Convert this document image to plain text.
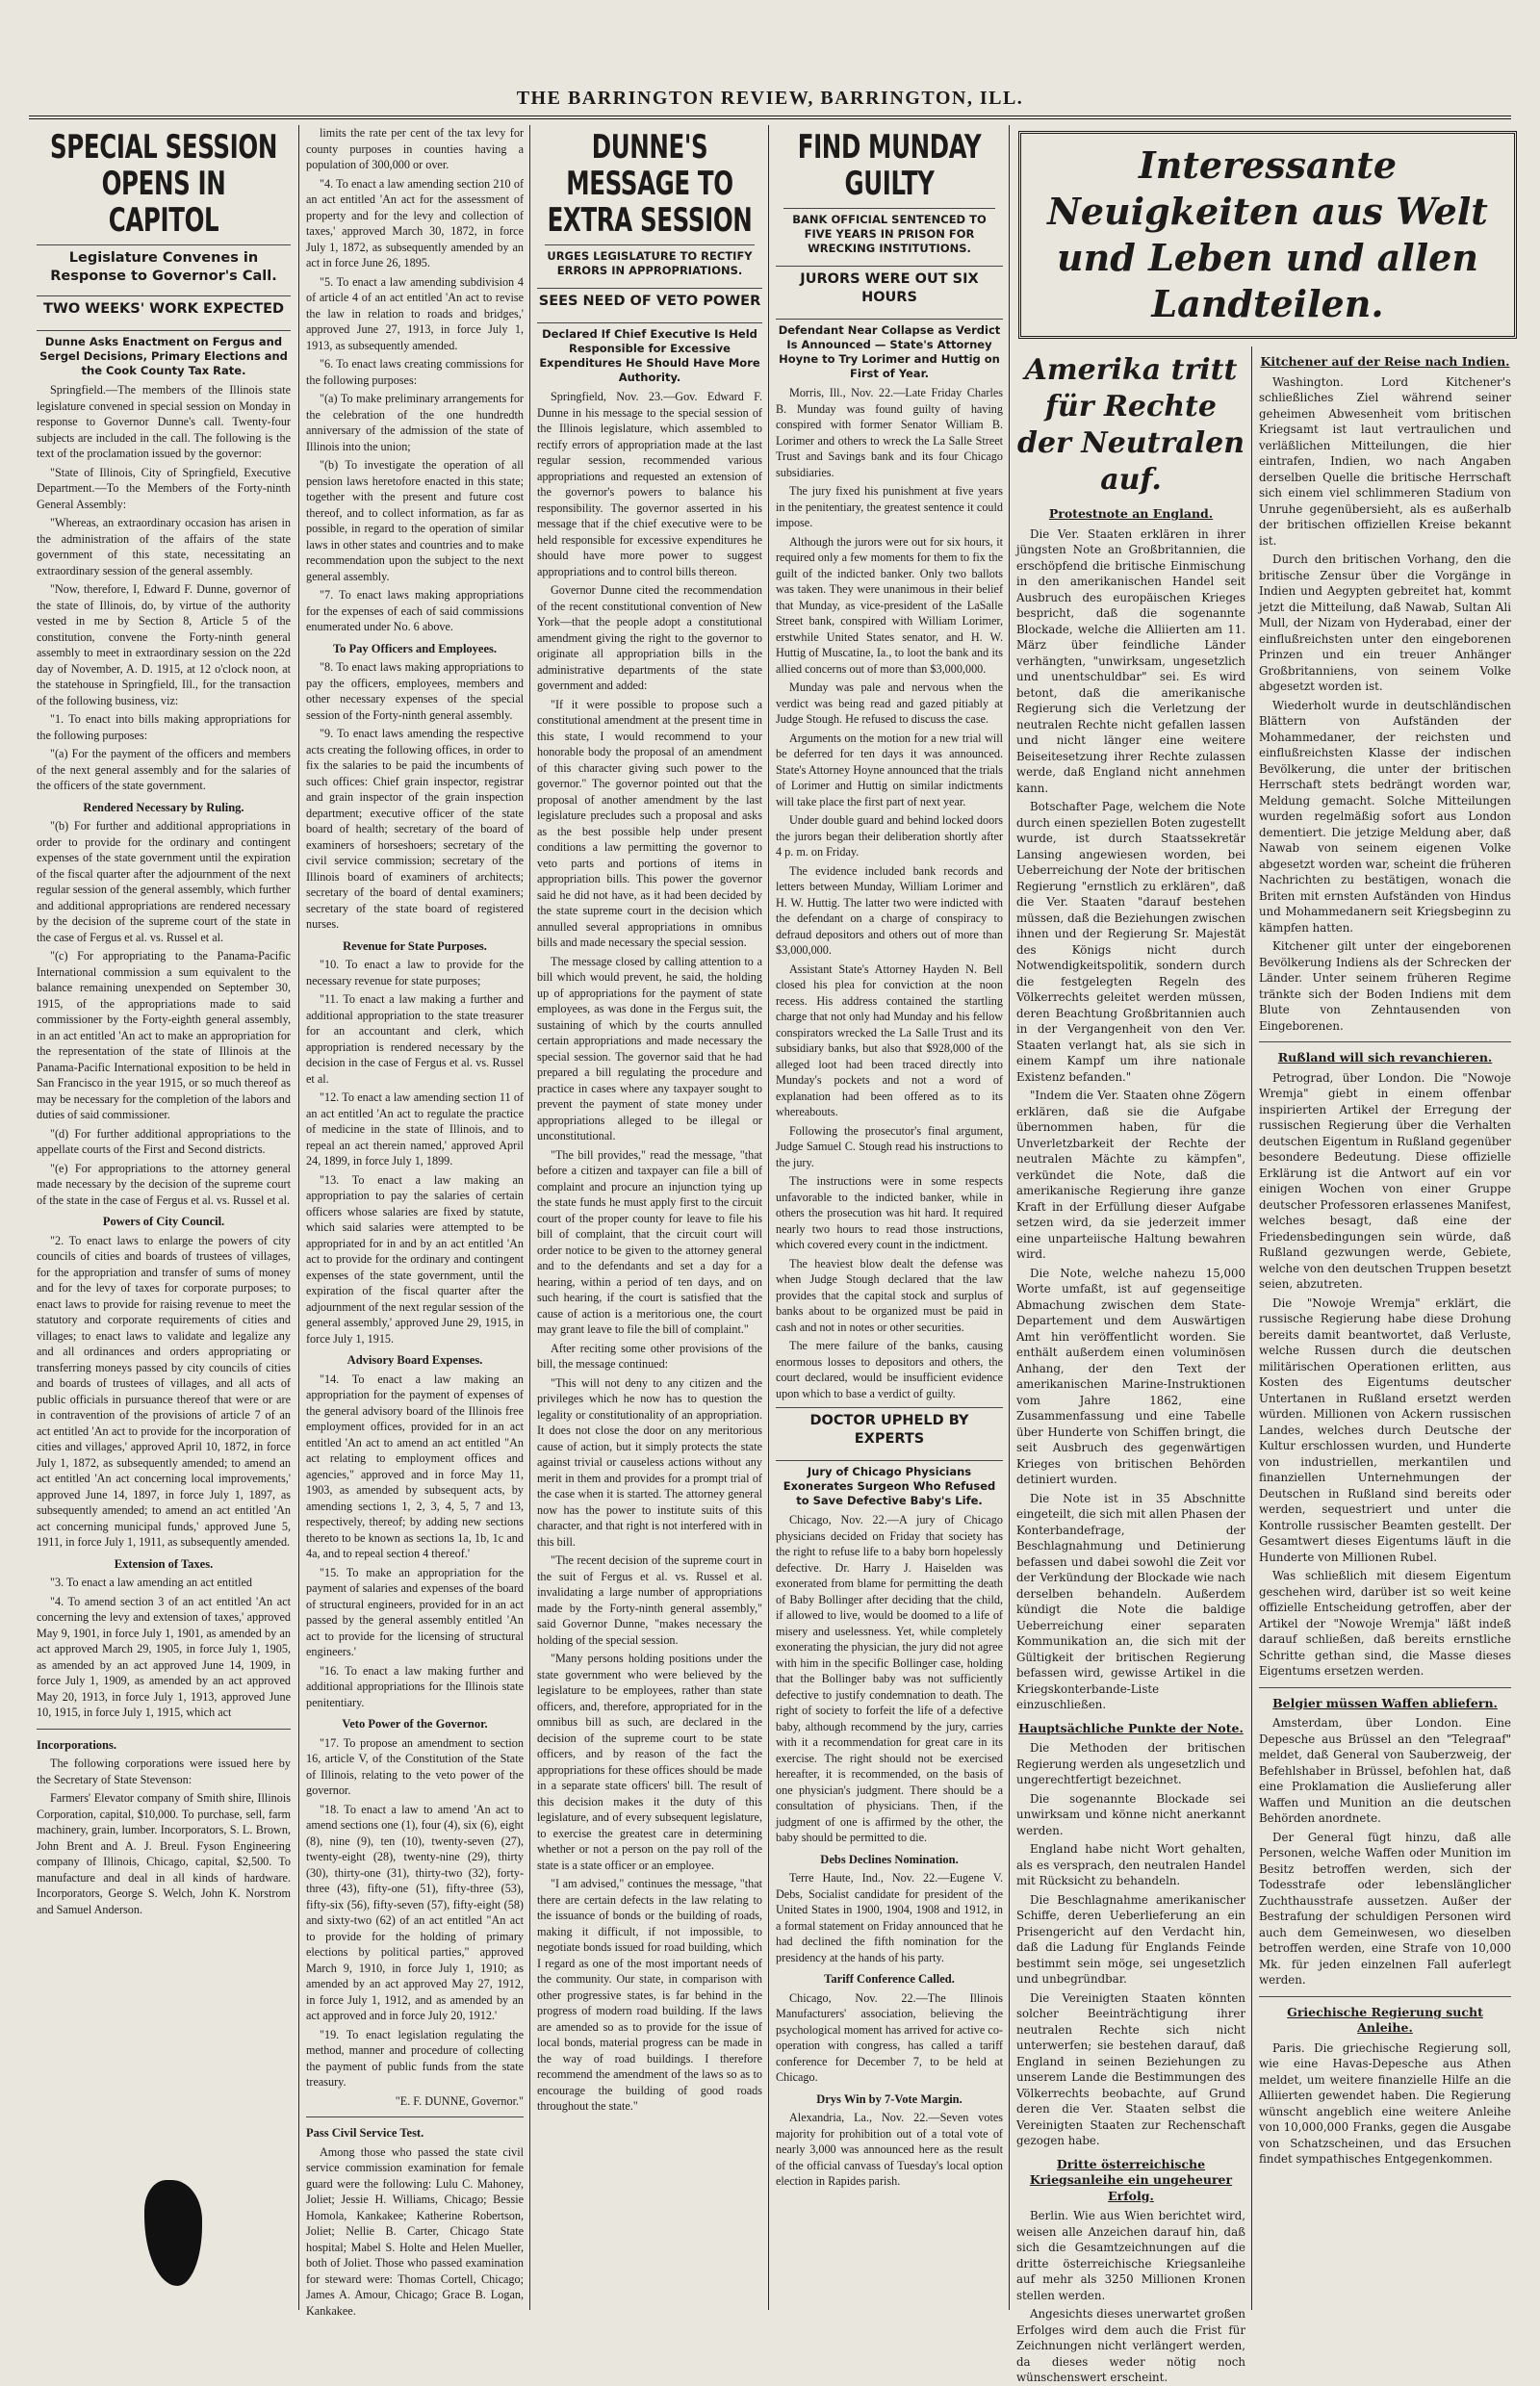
THE BARRINGTON REVIEW, BARRINGTON, ILL.
SPECIAL SESSION OPENS IN CAPITOL
Legislature Convenes in Response to Governor's Call.
TWO WEEKS' WORK EXPECTED
Dunne Asks Enactment on Fergus and Sergel Decisions, Primary Elections and the Cook County Tax Rate.

Springfield.—The members of the Illinois state legislature convened in special session on Monday in response to Governor Dunne's call. Twenty-four subjects are included in the call. The following is the text of the proclamation issued by the governor:

"State of Illinois, City of Springfield, Executive Department.—To the Members of the Forty-ninth General Assembly:

"Whereas, an extraordinary occasion has arisen in the administration of the affairs of the state government of this state, necessitating an extraordinary session of the general assembly.

"Now, therefore, I, Edward F. Dunne, governor of the state of Illinois, do, by virtue of the authority vested in me by Section 8, Article 5 of the constitution, convene the Forty-ninth general assembly to meet in extraordinary session on the 22d day of November, A. D. 1915, at 12 o'clock noon, at the statehouse in Springfield, Ill., for the transaction of the following business, viz:

"1. To enact into bills making appropriations for the following purposes:

"(a) For the payment of the officers and members of the next general assembly and for the salaries of the officers of the state government.

Rendered Necessary by Ruling.

"(b) For further and additional appropriations in order to provide for the ordinary and contingent expenses of the state government until the expiration of the fiscal quarter after the adjournment of the next regular session of the general assembly, which further and additional appropriations are rendered necessary by the decision of the supreme court of the state in the case of Fergus et al. vs. Russel et al.

"(c) For appropriating to the Panama-Pacific International commission a sum equivalent to the balance remaining unexpended on September 30, 1915, of the appropriations made to said commissioner by the Forty-eighth general assembly, in an act entitled 'An act to make an appropriation for the representation of the state of Illinois at the Panama-Pacific International exposition to be held in San Francisco in the year 1915, or so much thereof as may be necessary for the completion of the labors and duties of said commissioner.

"(d) For further additional appropriations to the appellate courts of the First and Second districts.

"(e) For appropriations to the attorney general made necessary by the decision of the supreme court of the state in the case of Fergus et al. vs. Russel et al.

Powers of City Council.

"2. To enact laws to enlarge the powers of city councils of cities and boards of trustees of villages, for the appropriation and transfer of sums of money and for the levy of taxes for corporate purposes; to enact laws to provide for raising revenue to meet the statutory and corporate requirements of cities and villages; to enact laws to validate and legalize any and all ordinances and orders appropriating or transferring moneys passed by city councils of cities and boards of trustees of villages, and all acts of public officials in pursuance thereof that were or are in contravention of the provisions of article 7 of an act entitled 'An act to provide for the incorporation of cities and villages,' approved April 10, 1872, in force July 1, 1872, as subsequently amended; to amend an act entitled 'An act concerning local improvements,' approved June 14, 1897, in force July 1, 1897, as subsequently amended; to amend an act entitled 'An act concerning municipal funds,' approved June 5, 1911, in force July 1, 1911, as subsequently amended.

Extension of Taxes.

"3. To enact a law amending an act entitled

"4. To amend section 3 of an act entitled 'An act concerning the levy and extension of taxes,' approved May 9, 1901, in force July 1, 1901, as amended by an act approved March 29, 1905, in force July 1, 1905, as amended by an act approved June 14, 1909, in force July 1, 1909, as amended by an act approved May 20, 1913, in force July 1, 1913, approved June 10, 1915, in force July 1, 1915, which act

Incorporations.

The following corporations were issued here by the Secretary of State Stevenson:

Farmers' Elevator company of Smith shire, Illinois Corporation, capital, $10,000. To purchase, sell, farm machinery, grain, lumber. Incorporators, S. L. Brown, John Brent and A. J. Breul. Fyson Engineering company of Illinois, Chicago, capital, $2,500. To manufacture and deal in all kinds of hardware. Incorporators, George S. Welch, John K. Norstrom and Samuel Anderson.

limits the rate per cent of the tax levy for county purposes in counties having a population of 300,000 or over.

"4. To enact a law amending section 210 of an act entitled 'An act for the assessment of property and for the levy and collection of taxes,' approved March 30, 1872, in force July 1, 1872, as subsequently amended by an act in force June 26, 1895.

"5. To enact a law amending subdivision 4 of article 4 of an act entitled 'An act to revise the law in relation to roads and bridges,' approved June 27, 1913, in force July 1, 1913, as subsequently amended.

"6. To enact laws creating commissions for the following purposes:

"(a) To make preliminary arrangements for the celebration of the one hundredth anniversary of the admission of the state of Illinois into the union;

"(b) To investigate the operation of all pension laws heretofore enacted in this state; together with the present and future cost thereof, and to collect information, as far as possible, in regard to the operation of similar laws in other states and countries and to make recommendation upon the subject to the next general assembly.

"7. To enact laws making appropriations for the expenses of each of said commissions enumerated under No. 6 above.

To Pay Officers and Employees.

"8. To enact laws making appropriations to pay the officers, employees, members and other necessary expenses of the special session of the Forty-ninth general assembly.

"9. To enact laws amending the respective acts creating the following offices, in order to fix the salaries to be paid the incumbents of such offices: Chief grain inspector, registrar and grain inspector of the grain inspection department; executive officer of the state board of health; secretary of the board of examiners of horseshoers; secretary of the civil service commission; secretary of the Illinois board of examiners of architects; secretary of the board of dental examiners; secretary of the state board of registered nurses.

Revenue for State Purposes.

"10. To enact a law to provide for the necessary revenue for state purposes;

"11. To enact a law making a further and additional appropriation to the state treasurer for an accountant and clerk, which appropriation is rendered necessary by the decision in the case of Fergus et al. vs. Russel et al.

"12. To enact a law amending section 11 of an act entitled 'An act to regulate the practice of medicine in the state of Illinois, and to repeal an act therein named,' approved April 24, 1899, in force July 1, 1899.

"13. To enact a law making an appropriation to pay the salaries of certain officers whose salaries are fixed by statute, which said salaries were attempted to be appropriated for in and by an act entitled 'An act to provide for the ordinary and contingent expenses of the state government, until the expiration of the fiscal quarter after the adjournment of the next regular session of the general assembly,' approved June 29, 1915, in force July 1, 1915.

Advisory Board Expenses.

"14. To enact a law making an appropriation for the payment of expenses of the general advisory board of the Illinois free employment offices, provided for in an act entitled 'An act to amend an act entitled "An act relating to employment offices and agencies," approved and in force May 11, 1903, as amended by subsequent acts, by amending sections 1, 2, 3, 4, 5, 7 and 13, respectively, thereof; by adding new sections thereto to be known as sections 1a, 1b, 1c and 4a, and to repeal section 4 thereof.'

"15. To make an appropriation for the payment of salaries and expenses of the board of structural engineers, provided for in an act passed by the general assembly entitled 'An act to provide for the licensing of structural engineers.'

"16. To enact a law making further and additional appropriations for the Illinois state penitentiary.

Veto Power of the Governor.

"17. To propose an amendment to section 16, article V, of the Constitution of the State of Illinois, relating to the veto power of the governor.

"18. To enact a law to amend 'An act to amend sections one (1), four (4), six (6), eight (8), nine (9), ten (10), twenty-seven (27), twenty-eight (28), twenty-nine (29), thirty (30), thirty-one (31), thirty-two (32), forty-three (43), fifty-one (51), fifty-three (53), fifty-six (56), fifty-seven (57), fifty-eight (58) and sixty-two (62) of an act entitled "An act to provide for the holding of primary elections by political parties," approved March 9, 1910, in force July 1, 1910; as amended by an act approved May 27, 1912, in force July 1, 1912, and as amended by an act approved and in force July 20, 1912.'

"19. To enact legislation regulating the method, manner and procedure of collecting the payment of public funds from the state treasury.

"E. F. DUNNE, Governor."

Pass Civil Service Test.

Among those who passed the state civil service commission examination for female guard were the following: Lulu C. Mahoney, Joliet; Jessie H. Williams, Chicago; Bessie Homola, Kankakee; Katherine Robertson, Joliet; Nellie B. Carter, Chicago State hospital; Mabel S. Holte and Helen Mueller, both of Joliet. Those who passed examination for steward were: Thomas Cortell, Chicago; James A. Amour, Chicago; Grace B. Logan, Kankakee.

DUNNE'S MESSAGE TO EXTRA SESSION
URGES LEGISLATURE TO RECTIFY ERRORS IN APPROPRIATIONS.
SEES NEED OF VETO POWER
Declared If Chief Executive Is Held Responsible for Excessive Expenditures He Should Have More Authority.

Springfield, Nov. 23.—Gov. Edward F. Dunne in his message to the special session of the Illinois legislature, which assembled to rectify errors of appropriation made at the last regular session, recommended various appropriations and requested an extension of the governor's powers to balance his responsibility. The governor asserted in his message that if the chief executive were to be held responsible for excessive expenditures he should have more power to suggest appropriations and to control bills thereon.

Governor Dunne cited the recommendation of the recent constitutional convention of New York—that the people adopt a constitutional amendment giving the right to the governor to originate all appropriation bills in the administrative departments of the state government and added:

"If it were possible to propose such a constitutional amendment at the present time in this state, I would recommend to your honorable body the proposal of an amendment of this character giving such power to the governor." The governor pointed out that the proposal of another amendment by the last legislature precludes such a proposal and asks as the best possible help under present conditions a law permitting the governor to veto parts and portions of items in appropriation bills. This power the governor said he did not have, as it had been decided by the state supreme court in the decision which annulled several appropriations in omnibus bills and made necessary the special session.

The message closed by calling attention to a bill which would prevent, he said, the holding up of appropriations for the payment of state employees, as was done in the Fergus suit, the sustaining of which by the courts annulled certain appropriations and made necessary the special session. The governor said that he had prepared a bill regulating the procedure and practice in cases where any taxpayer sought to prevent the payment of state money under appropriations alleged to be illegal or unconstitutional.

"The bill provides," read the message, "that before a citizen and taxpayer can file a bill of complaint and procure an injunction tying up the state funds he must apply first to the circuit court of the proper county for leave to file his bill of complaint, that the circuit court will order notice to be given to the attorney general and to the defendants and set a day for a hearing, within a period of ten days, and on such hearing, if the court is satisfied that the cause of action is a meritorious one, the court may grant leave to file the bill of complaint."

After reciting some other provisions of the bill, the message continued:

"This will not deny to any citizen and the privileges which he now has to question the legality or constitutionality of an appropriation. It does not close the door on any meritorious cause of action, but it simply protects the state against trivial or causeless actions without any merit in them and provides for a prompt trial of the case when it is started. The attorney general now has the power to institute suits of this character, and that right is not interfered with in this bill.

"The recent decision of the supreme court in the suit of Fergus et al. vs. Russel et al. invalidating a large number of appropriations made by the Forty-ninth general assembly," said Governor Dunne, "makes necessary the holding of the special session.

"Many persons holding positions under the state government who were believed by the legislature to be employees, rather than state officers, and, therefore, appropriated for in the omnibus bill as such, are declared in the decision of the supreme court to be state officers, and by reason of the fact the appropriations for these offices should be made in a separate state officers' bill. The result of this decision makes it the duty of this legislature, and of every subsequent legislature, to exercise the greatest care in determining whether or not a person on the pay roll of the state is a state officer or an employee.

"I am advised," continues the message, "that there are certain defects in the law relating to the issuance of bonds or the building of roads, making it difficult, if not impossible, to negotiate bonds issued for road building, which I regard as one of the most important needs of the community. Our state, in comparison with other progressive states, is far behind in the progress of modern road building. If the laws are amended so as to provide for the issue of local bonds, material progress can be made in the way of road buildings. I therefore recommend the amendment of the laws so as to encourage the building of good roads throughout the state."

FIND MUNDAY GUILTY
BANK OFFICIAL SENTENCED TO FIVE YEARS IN PRISON FOR WRECKING INSTITUTIONS.
JURORS WERE OUT SIX HOURS
Defendant Near Collapse as Verdict Is Announced — State's Attorney Hoyne to Try Lorimer and Huttig on First of Year.

Morris, Ill., Nov. 22.—Late Friday Charles B. Munday was found guilty of having conspired with former Senator William B. Lorimer and others to wreck the La Salle Street Trust and Savings bank and its four Chicago subsidiaries.

The jury fixed his punishment at five years in the penitentiary, the greatest sentence it could impose.

Although the jurors were out for six hours, it required only a few moments for them to fix the guilt of the indicted banker. Only two ballots was taken. They were unanimous in their belief that Munday, as vice-president of the LaSalle Street bank, conspired with William Lorimer, erstwhile United States senator, and H. W. Huttig of Muscatine, Ia., to loot the bank and its allied concerns out of more than $3,000,000.

Munday was pale and nervous when the verdict was being read and gazed pitiably at Judge Stough. He refused to discuss the case.

Arguments on the motion for a new trial will be deferred for ten days it was announced. State's Attorney Hoyne announced that the trials of Lorimer and Huttig on similar indictments will take place the first part of next year.

Under double guard and behind locked doors the jurors began their deliberation shortly after 4 p. m. on Friday.

The evidence included bank records and letters between Munday, William Lorimer and H. W. Huttig. The latter two were indicted with the defendant on a charge of conspiracy to defraud depositors and others out of more than $3,000,000.

Assistant State's Attorney Hayden N. Bell closed his plea for conviction at the noon recess. His address contained the startling charge that not only had Munday and his fellow conspirators wrecked the La Salle Trust and its subsidiary banks, but also that $928,000 of the alleged loot had been traced directly into Munday's pockets and not a word of explanation had been offered as to its whereabouts.

Following the prosecutor's final argument, Judge Samuel C. Stough read his instructions to the jury.

The instructions were in some respects unfavorable to the indicted banker, while in others the prosecution was hit hard. It required nearly two hours to read those instructions, which covered every count in the indictment.

The heaviest blow dealt the defense was when Judge Stough declared that the law provides that the capital stock and surplus of banks about to be organized must be paid in cash and not in notes or other securities.

The mere failure of the banks, causing enormous losses to depositors and others, the court declared, would be insufficient evidence upon which to base a verdict of guilty.

DOCTOR UPHELD BY EXPERTS
Jury of Chicago Physicians Exonerates Surgeon Who Refused to Save Defective Baby's Life.

Chicago, Nov. 22.—A jury of Chicago physicians decided on Friday that society has the right to refuse life to a baby born hopelessly defective. Dr. Harry J. Haiselden was exonerated from blame for permitting the death of Baby Bollinger after deciding that the child, if allowed to live, would be doomed to a life of misery and uselessness. Yet, while completely exonerating the physician, the jury did not agree with him in the specific Bollinger case, holding that the Bollinger baby was not sufficiently defective to justify condemnation to death. The right of society to forfeit the life of a defective baby, although recommend by the jury, carries with it a recommendation for great care in its exercise. The right should not be exercised hereafter, it is recommended, on the basis of one physician's judgment. There should be a consultation of physicians. Then, if the judgment of one is affirmed by the other, the baby should be permitted to die.

Debs Declines Nomination.

Terre Haute, Ind., Nov. 22.—Eugene V. Debs, Socialist candidate for president of the United States in 1900, 1904, 1908 and 1912, in a formal statement on Friday announced that he had declined the fifth nomination for the presidency at the hands of his party.

Tariff Conference Called.

Chicago, Nov. 22.—The Illinois Manufacturers' association, believing the psychological moment has arrived for active co-operation with congress, has called a tariff conference for December 7, to be held at Chicago.

Drys Win by 7-Vote Margin.

Alexandria, La., Nov. 22.—Seven votes majority for prohibition out of a total vote of nearly 3,000 was announced here as the result of the official canvass of Tuesday's local option election in Rapides parish.

Interessante Neuigkeiten aus Welt und Leben und allen Landteilen.
Amerika tritt für Rechte der Neutralen auf.
Protestnote an England.

Die Ver. Staaten erklären in ihrer jüngsten Note an Großbritannien, die erschöpfend die britische Einmischung in den amerikanischen Handel seit Ausbruch des europäischen Krieges bespricht, daß die sogenannte Blockade, welche die Alliierten am 11. März über feindliche Länder verhängten, "unwirksam, ungesetzlich und unentschuldbar" sei. Es wird betont, daß die amerikanische Regierung sich die Verletzung der neutralen Rechte nicht gefallen lassen und nicht länger eine weitere Beiseitesetzung ihrer Rechte zulassen werde, daß England nicht annehmen kann.

Botschafter Page, welchem die Note durch einen speziellen Boten zugestellt wurde, ist durch Staatssekretär Lansing angewiesen worden, bei Ueberreichung der Note der britischen Regierung "ernstlich zu erklären", daß die Ver. Staaten "darauf bestehen müssen, daß die Beziehungen zwischen ihnen und der Regierung Sr. Majestät des Königs nicht durch Notwendigkeitspolitik, sondern durch die festgelegten Regeln des Völkerrechts geleitet werden müssen, deren Beachtung Großbritannien auch in der Vergangenheit von den Ver. Staaten verlangt hat, als sie sich in einem Kampf um ihre nationale Existenz befanden."

"Indem die Ver. Staaten ohne Zögern erklären, daß sie die Aufgabe übernommen haben, für die Unverletzbarkeit der Rechte der neutralen Mächte zu kämpfen", verkündet die Note, daß die amerikanische Regierung ihre ganze Kraft in der Erfüllung dieser Aufgabe setzen wird, da sie jederzeit immer eine unparteiische Haltung bewahren wird.

Die Note, welche nahezu 15,000 Worte umfaßt, ist auf gegenseitige Abmachung zwischen dem State-Departement und dem Auswärtigen Amt hin veröffentlicht worden. Sie enthält außerdem einen voluminösen Anhang, der den Text der amerikanischen Marine-Instruktionen vom Jahre 1862, eine Zusammenfassung und eine Tabelle über Hunderte von Schiffen bringt, die seit Ausbruch des gegenwärtigen Krieges von britischen Behörden detiniert wurden.

Die Note ist in 35 Abschnitte eingeteilt, die sich mit allen Phasen der Konterbandefrage, der Beschlagnahmung und Detinierung befassen und dabei sowohl die Zeit vor der Verkündung der Blockade wie nach derselben behandeln. Außerdem kündigt die Note die baldige Ueberreichung einer separaten Kommunikation an, die sich mit der Gültigkeit der britischen Regierung befassen wird, gewisse Artikel in die Kriegskonterbande-Liste einzuschließen.

Hauptsächliche Punkte der Note.

Die Methoden der britischen Regierung werden als ungesetzlich und ungerechtfertigt bezeichnet.

Die sogenannte Blockade sei unwirksam und könne nicht anerkannt werden.

England habe nicht Wort gehalten, als es versprach, den neutralen Handel mit Rücksicht zu behandeln.

Die Beschlagnahme amerikanischer Schiffe, deren Ueberlieferung an ein Prisengericht auf den Verdacht hin, daß die Ladung für Englands Feinde bestimmt sein möge, sei ungesetzlich und unbegründbar.

Die Vereinigten Staaten könnten solcher Beeinträchtigung ihrer neutralen Rechte sich nicht unterwerfen; sie bestehen darauf, daß England in seinen Beziehungen zu unserem Lande die Bestimmungen des Völkerrechts beobachte, auf Grund deren die Ver. Staaten selbst die Vereinigten Staaten zur Rechenschaft gezogen habe.

Dritte österreichische Kriegsanleihe ein ungeheurer Erfolg.

Berlin. Wie aus Wien berichtet wird, weisen alle Anzeichen darauf hin, daß sich die Gesamtzeichnungen auf die dritte österreichische Kriegsanleihe auf mehr als 3250 Millionen Kronen stellen werden.

Angesichts dieses unerwartet großen Erfolges wird dem auch die Frist für Zeichnungen nicht verlängert werden, da dieses weder nötig noch wünschenswert erscheint.

Kitchener auf der Reise nach Indien.

Washington. Lord Kitchener's schließliches Ziel während seiner geheimen Abwesenheit vom britischen Kriegsamt ist laut vertraulichen und verläßlichen Mitteilungen, die hier eintrafen, Indien, wo nach Angaben derselben Quelle die britische Herrschaft sich einem viel schlimmeren Stadium von Unruhe gegenübersieht, als es außerhalb der britischen offiziellen Kreise bekannt ist.

Durch den britischen Vorhang, den die britische Zensur über die Vorgänge in Indien und Aegypten gebreitet hat, kommt jetzt die Mitteilung, daß Nawab, Sultan Ali Mull, der Nizam von Hyderabad, einer der einflußreichsten unter den eingeborenen Prinzen und ein treuer Anhänger Großbritanniens, von seinem Volke abgesetzt worden ist.

Wiederholt wurde in deutschländischen Blättern von Aufständen der Mohammedaner, der reichsten und einflußreichsten Klasse der indischen Bevölkerung, die unter der britischen Herrschaft stets bedrängt worden war, Meldung gemacht. Solche Mitteilungen wurden regelmäßig sofort aus London dementiert. Die jetzige Meldung aber, daß Nawab von seinem eigenen Volke abgesetzt worden war, scheint die früheren Nachrichten zu bestätigen, wonach die Briten mit ernsten Aufständen von Hindus und Mohammedanern seit Kriegsbeginn zu kämpfen hatten.

Kitchener gilt unter der eingeborenen Bevölkerung Indiens als der Schrecken der Länder. Unter seinem früheren Regime tränkte sich der Boden Indiens mit dem Blute von Zehntausenden von Eingeborenen.

Rußland will sich revanchieren.

Petrograd, über London. Die "Nowoje Wremja" giebt in einem offenbar inspirierten Artikel der Erregung der russischen Regierung über die Verhalten deutschen Eigentum in Rußland gegenüber besondere Bedeutung. Diese offizielle Erklärung ist die Antwort auf ein vor einigen Wochen von einer Gruppe deutscher Professoren erlassenes Manifest, welches besagt, daß eine der Friedensbedingungen sein würde, daß Rußland gezwungen werde, Gebiete, welche von den deutschen Truppen besetzt seien, abzutreten.

Die "Nowoje Wremja" erklärt, die russische Regierung habe diese Drohung bereits damit beantwortet, daß Verluste, welche Russen durch die deutschen militärischen Operationen erlitten, aus Kosten des Eigentums deutscher Untertanen in Rußland ersetzt werden würden. Millionen von Ackern russischen Landes, welches durch Deutsche der Kultur erschlossen wurden, und Hunderte von industriellen, merkantilen und finanziellen Unternehmungen der Deutschen in Rußland sind bereits oder werden, sequestriert und unter die Kontrolle russischer Beamten gestellt. Der Gesamtwert dieses Eigentums läuft in die Hunderte von Millionen Rubel.

Was schließlich mit diesem Eigentum geschehen wird, darüber ist so weit keine offizielle Entscheidung getroffen, aber der Artikel der "Nowoje Wremja" läßt indeß darauf schließen, daß bereits ernstliche Schritte gethan sind, die Masse dieses Eigentums ersetzen werden.

Belgier müssen Waffen abliefern.

Amsterdam, über London. Eine Depesche aus Brüssel an den "Telegraaf" meldet, daß General von Sauberzweig, der Befehlshaber in Brüssel, befohlen hat, daß eine Proklamation die Auslieferung aller Waffen und Munition an die deutschen Behörden anordnete.

Der General fügt hinzu, daß alle Personen, welche Waffen oder Munition im Besitz betroffen werden, sich der Todesstrafe oder lebenslänglicher Zuchthausstrafe aussetzen. Außer der Bestrafung der schuldigen Personen wird auch dem Gemeinwesen, wo dieselben betroffen werden, eine Strafe von 10,000 Mk. für jeden einzelnen Fall auferlegt werden.

Griechische Regierung sucht Anleihe.

Paris. Die griechische Regierung soll, wie eine Havas-Depesche aus Athen meldet, um weitere finanzielle Hilfe an die Alliierten gewendet haben. Die Regierung wünscht angeblich eine weitere Anleihe von 10,000,000 Franks, gegen die Ausgabe von Schatzscheinen, und das Ersuchen findet sympathisches Entgegenkommen.
